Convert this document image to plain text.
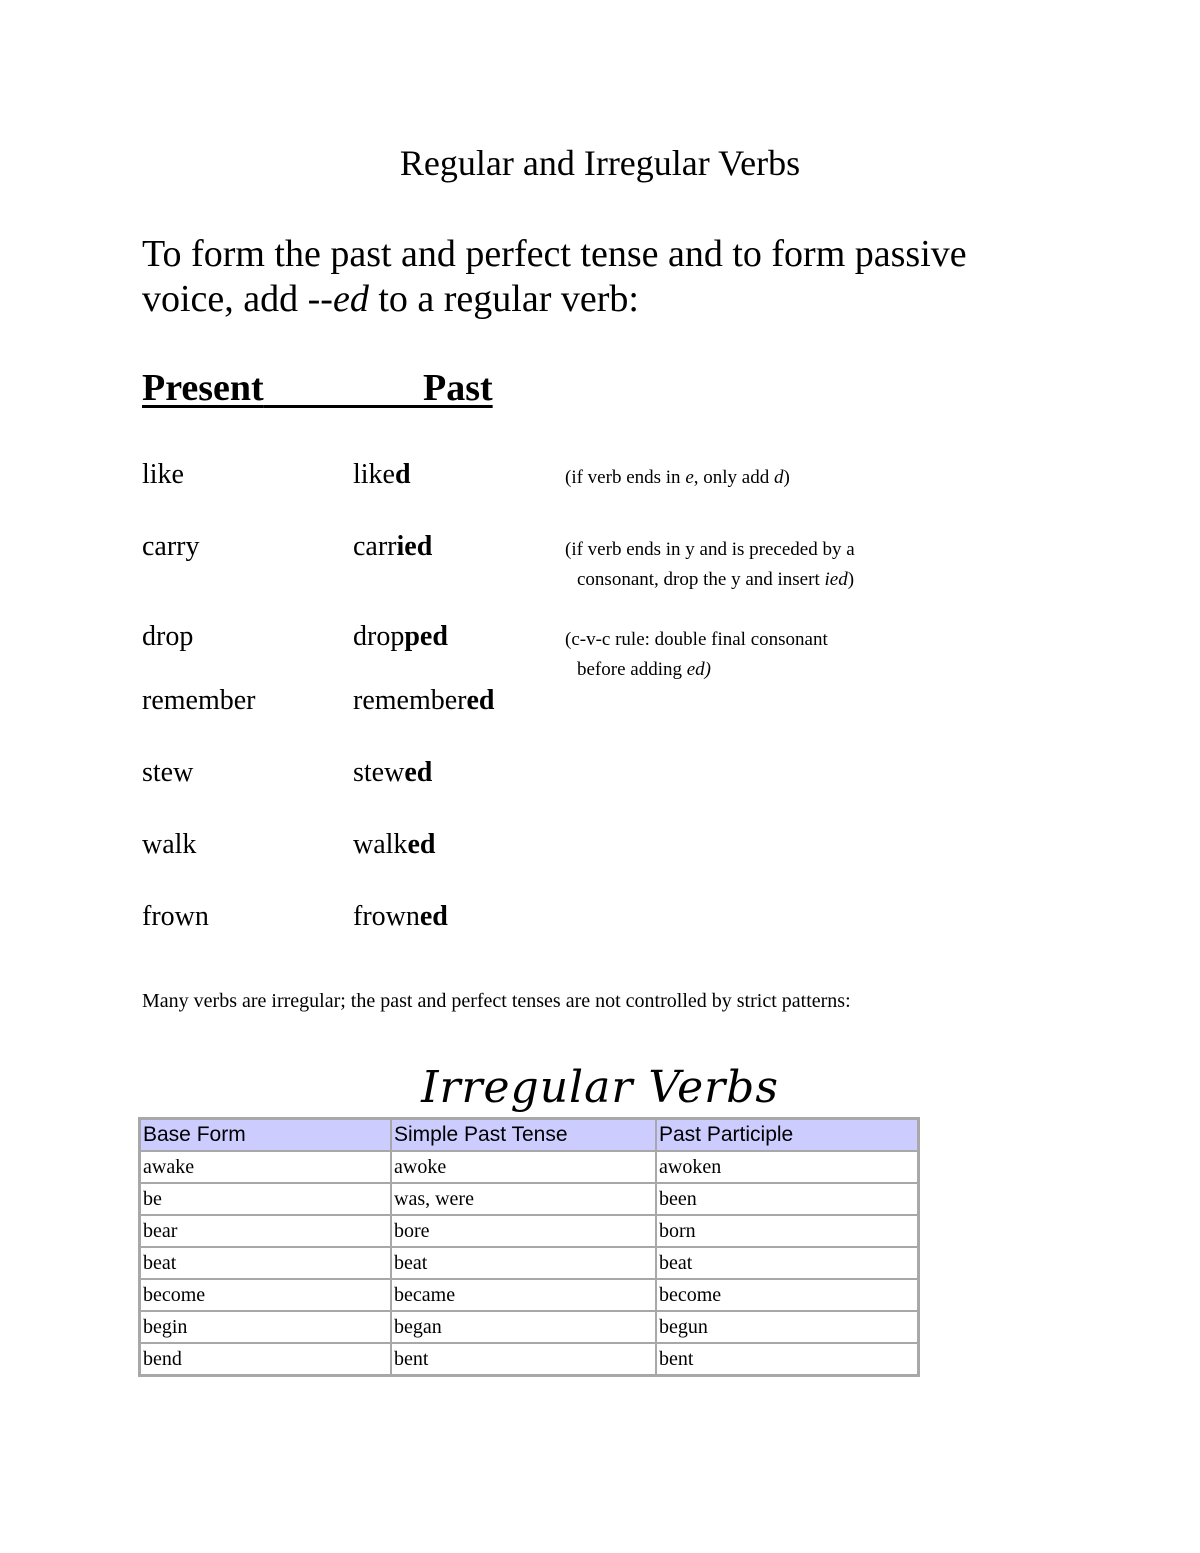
Regular and Irregular Verbs
To form the past and perfect tense and to form passive voice, add --ed to a regular verb:
Present	Past
like	liked	(if verb ends in e, only add d)
carry	carried	(if verb ends in y and is preceded by a
consonant, drop the y and insert ied)
drop	dropped	(c-v-c rule: double final consonant
before adding ed)
remember	remembered
stew	stewed
walk	walked
frown	frowned
Many verbs are irregular; the past and perfect tenses are not controlled by strict patterns:
Irregular Verbs
Base Form	Simple Past Tense	Past Participle
awake	awoke	awoken
be	was, were	been
bear	bore	born
beat	beat	beat
become	became	become
begin	began	begun
bend	bent	bent
